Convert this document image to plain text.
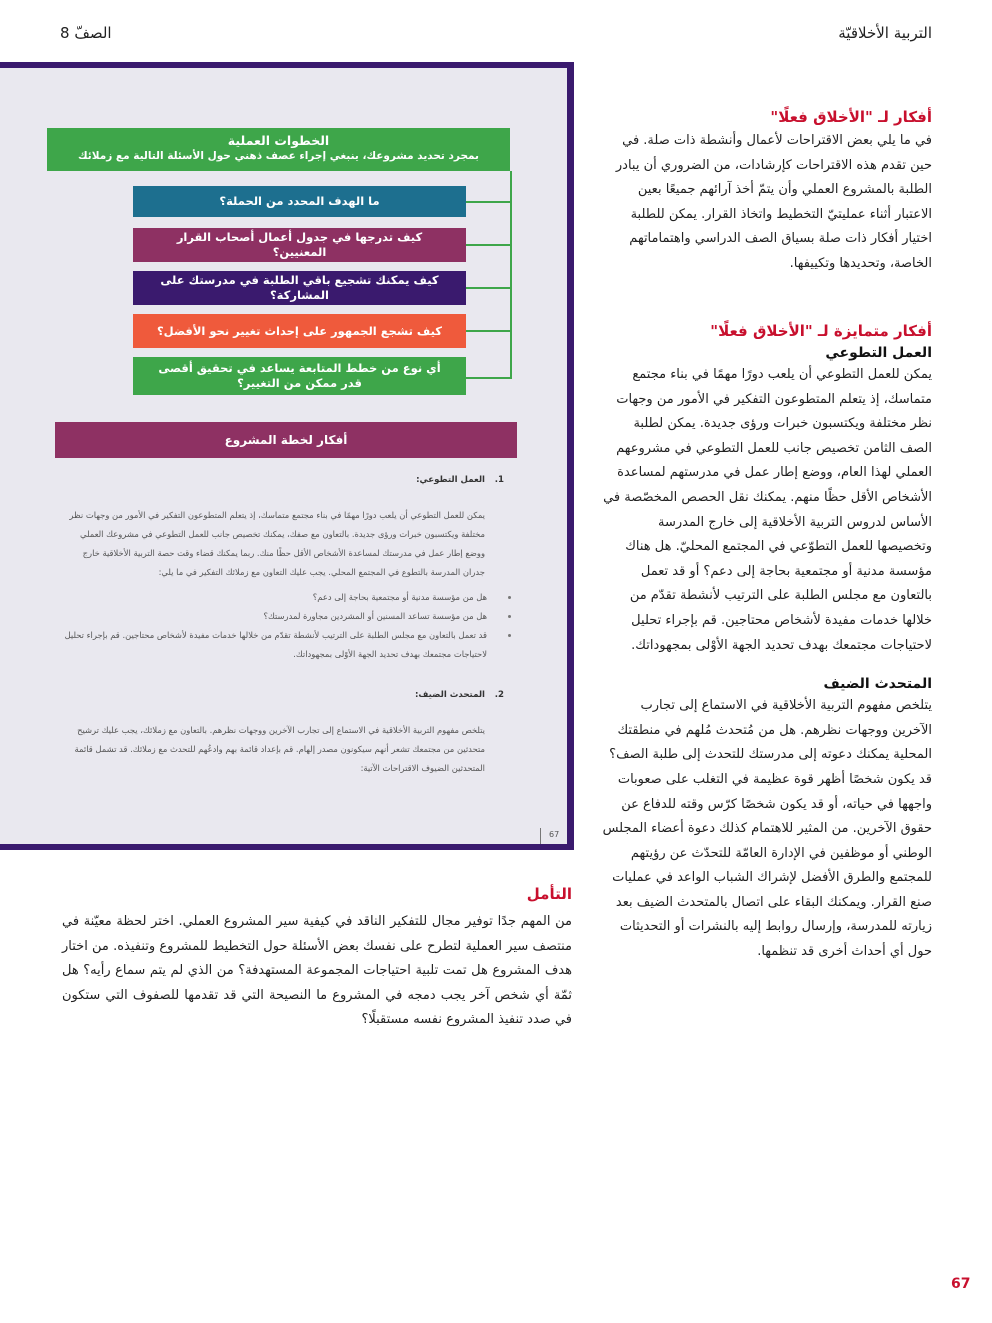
التربية الأخلاقيّة
الصفّ 8
أفكار لـ "الأخلاق فعلًا"
في ما يلي بعض الاقتراحات لأعمال وأنشطة ذات صلة. في حين تقدم هذه الاقتراحات كإرشادات، من الضروري أن يبادر الطلبة بالمشروع العملي وأن يتمّ أخذ آرائهم جميعًا بعين الاعتبار أثناء عمليتيّ التخطيط واتخاذ القرار. يمكن للطلبة اختيار أفكار ذات صلة بسياق الصف الدراسي واهتماماتهم الخاصة، وتحديدها وتكييفها.
أفكار متمايزة لـ "الأخلاق فعلًا"
العمل التطوعي
يمكن للعمل التطوعي أن يلعب دورًا مهمًا في بناء مجتمع متماسك، إذ يتعلم المتطوعون التفكير في الأمور من وجهات نظر مختلفة ويكتسبون خبرات ورؤى جديدة. يمكن لطلبة الصف الثامن تخصيص جانب للعمل التطوعي في مشروعهم العملي لهذا العام، ووضع إطار عمل في مدرستهم لمساعدة الأشخاص الأقل حظًا منهم. يمكنك نقل الحصص المخصّصة في الأساس لدروس التربية الأخلاقية إلى خارج المدرسة وتخصيصها للعمل التطوّعي في المجتمع المحليّ. هل هناك مؤسسة مدنية أو مجتمعية بحاجة إلى دعم؟ أو قد تعمل بالتعاون مع مجلس الطلبة على الترتيب لأنشطة تقدّم من خلالها خدمات مفيدة لأشخاص محتاجين. قم بإجراء تحليل لاحتياجات مجتمعك بهدف تحديد الجهة الأوْلى بمجهوداتك.
المتحدث الضيف
يتلخص مفهوم التربية الأخلاقية في الاستماع إلى تجارب الآخرين ووجهات نظرهم. هل من مُتحدث مُلهم في منطقتك المحلية يمكنك دعوته إلى مدرستك للتحدث إلى طلبة الصف؟ قد يكون شخصًا أظهر قوة عظيمة في التغلب على صعوبات واجهها في حياته، أو قد يكون شخصًا كرّس وقته للدفاع عن حقوق الآخرين. من المثير للاهتمام كذلك دعوة أعضاء المجلس الوطني أو موظفين في الإدارة العامّة للتحدّث عن رؤيتهم للمجتمع والطرق الأفضل لإشراك الشباب الواعد في عمليات صنع القرار. ويمكنك البقاء على اتصال بالمتحدث الضيف بعد زيارته للمدرسة، وإرسال روابط إليه بالنشرات أو التحديثات حول أي أحداث أخرى قد تنظمها.
الخطوات العملية
بمجرد تحديد مشروعك، ينبغي إجراء عصف ذهني حول الأسئلة التالية مع زملائك
ما الهدف المحدد من الحملة؟
كيف تدرجها في جدول أعمال أصحاب القرار المعنيين؟
كيف يمكنك تشجيع باقي الطلبة في مدرستك على المشاركة؟
كيف تشجع الجمهور على إحداث تغيير نحو الأفضل؟
أي نوع من خطط المتابعة يساعد في تحقيق أقصى قدر ممكن من التغيير؟
أفكار لخطة المشروع
1.
العمل التطوعي:
يمكن للعمل التطوعي أن يلعب دورًا مهمًا في بناء مجتمع متماسك، إذ يتعلم المتطوعون التفكير في الأمور من وجهات نظر
مختلفة ويكتسبون خبرات ورؤى جديدة. بالتعاون مع صفك، يمكنك تخصيص جانب للعمل التطوعي في مشروعك العملي
ووضع إطار عمل في مدرستك لمساعدة الأشخاص الأقل حظًا منك. ربما يمكنك قضاء وقت حصة التربية الأخلاقية خارج
جدران المدرسة بالتطوع في المجتمع المحلي. يجب عليك التعاون مع زملائك التفكير في ما يلي:
هل من مؤسسة مدنية أو مجتمعية بحاجة إلى دعم؟
هل من مؤسسة تساعد المسنين أو المشردين مجاورة لمدرستك؟
قد تعمل بالتعاون مع مجلس الطلبة على الترتيب لأنشطة تقدّم من خلالها خدمات مفيدة لأشخاص محتاجين. قم بإجراء تحليل
لاحتياجات مجتمعك بهدف تحديد الجهة الأوْلى بمجهوداتك.
2.
المتحدث الضيف:
يتلخص مفهوم التربية الأخلاقية في الاستماع إلى تجارب الآخرين ووجهات نظرهم. بالتعاون مع زملائك، يجب عليك ترشيح
متحدثين من مجتمعك تشعر أنهم سيكونون مصدر إلهام. قم بإعداد قائمة بهم وادعُهم للتحدث مع زملائك. قد تشمل قائمة
المتحدثين الضيوف الاقتراحات الآتية:
67
التأمل
من المهم جدًا توفير مجال للتفكير الناقد في كيفية سير المشروع العملي. اختر لحظة معيّنة في منتصف سير العملية لتطرح على نفسك بعض الأسئلة حول التخطيط للمشروع وتنفيذه. من اختار هدف المشروع هل تمت تلبية احتياجات المجموعة المستهدفة؟ من الذي لم يتم سماع رأيه؟ هل ثمّة أي شخص آخر يجب دمجه في المشروع ما النصيحة التي قد تقدمها للصفوف التي ستكون في صدد تنفيذ المشروع نفسه مستقبلًا؟
67
